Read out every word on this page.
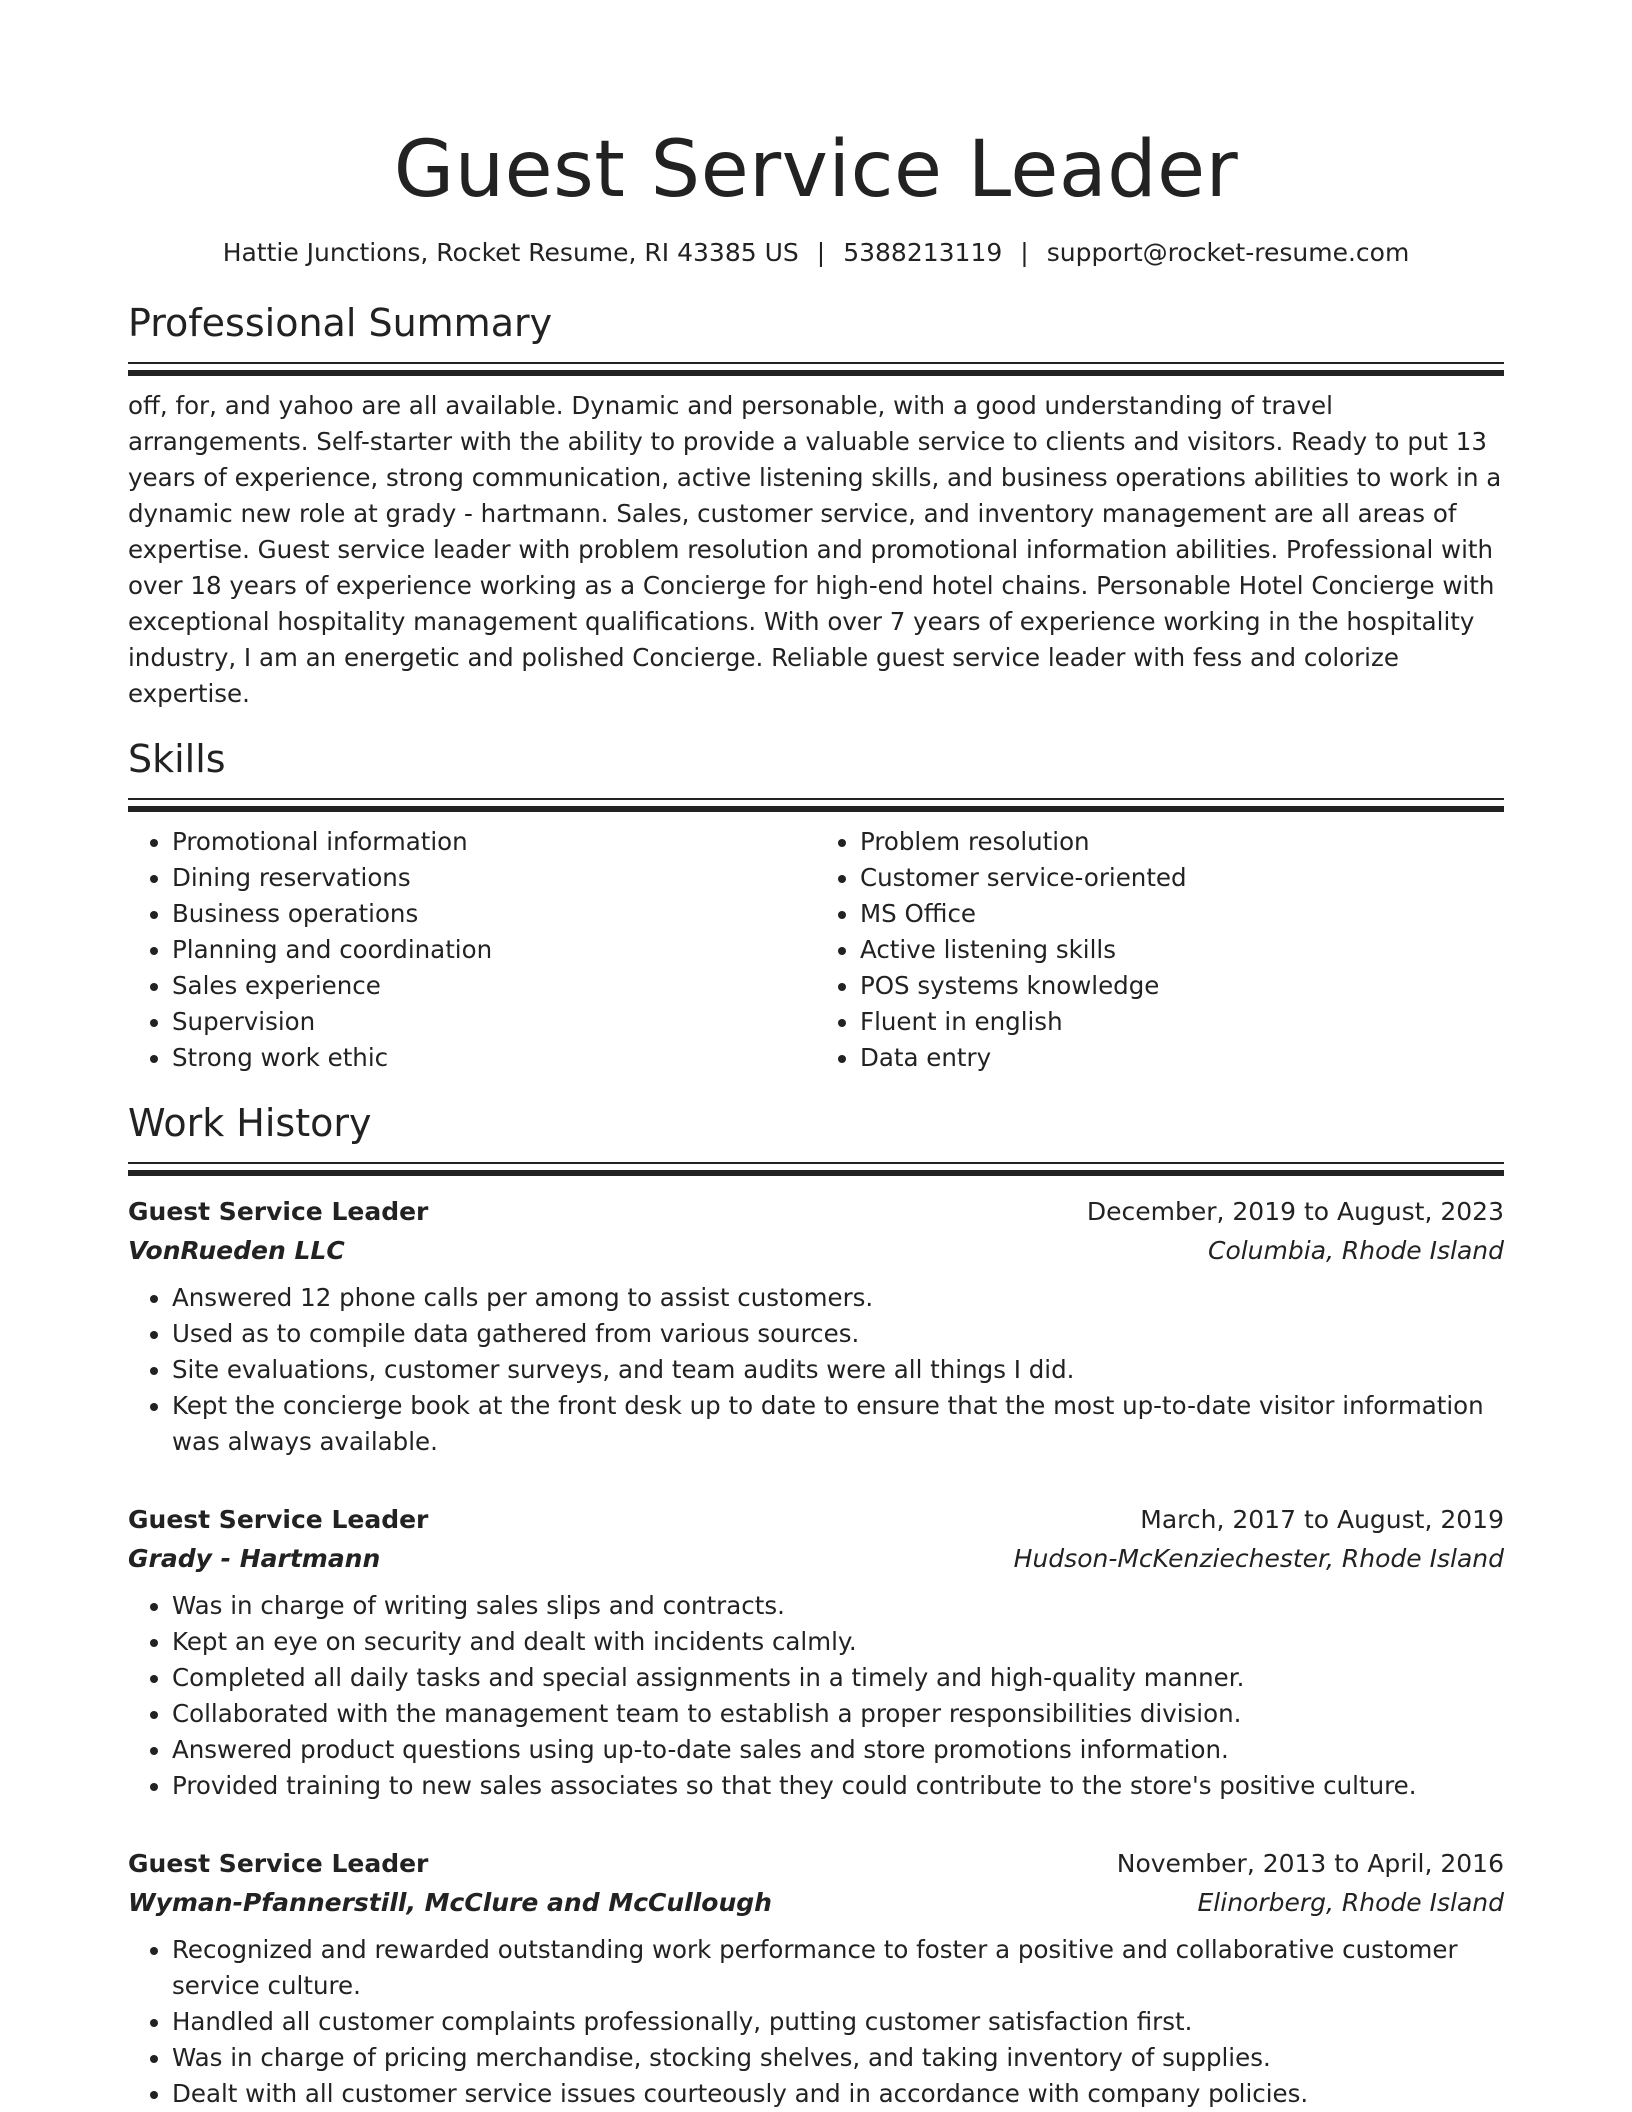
Guest Service Leader
Hattie Junctions, Rocket Resume, RI 43385 US | 5388213119 | support@rocket-resume.com
Professional Summary
off, for, and yahoo are all available. Dynamic and personable, with a good understanding of travel arrangements. Self-starter with the ability to provide a valuable service to clients and visitors. Ready to put 13 years of experience, strong communication, active listening skills, and business operations abilities to work in a dynamic new role at grady - hartmann. Sales, customer service, and inventory management are all areas of expertise. Guest service leader with problem resolution and promotional information abilities. Professional with over 18 years of experience working as a Concierge for high-end hotel chains. Personable Hotel Concierge with exceptional hospitality management qualifications. With over 7 years of experience working in the hospitality industry, I am an energetic and polished Concierge. Reliable guest service leader with fess and colorize expertise.
Skills
• Promotional information
• Dining reservations
• Business operations
• Planning and coordination
• Sales experience
• Supervision
• Strong work ethic
• Problem resolution
• Customer service-oriented
• MS Office
• Active listening skills
• POS systems knowledge
• Fluent in english
• Data entry
Work History
Guest Service Leader	December, 2019 to August, 2023
VonRueden LLC	Columbia, Rhode Island
• Answered 12 phone calls per among to assist customers.
• Used as to compile data gathered from various sources.
• Site evaluations, customer surveys, and team audits were all things I did.
• Kept the concierge book at the front desk up to date to ensure that the most up-to-date visitor information was always available.
Guest Service Leader	March, 2017 to August, 2019
Grady - Hartmann	Hudson-McKenziechester, Rhode Island
• Was in charge of writing sales slips and contracts.
• Kept an eye on security and dealt with incidents calmly.
• Completed all daily tasks and special assignments in a timely and high-quality manner.
• Collaborated with the management team to establish a proper responsibilities division.
• Answered product questions using up-to-date sales and store promotions information.
• Provided training to new sales associates so that they could contribute to the store's positive culture.
Guest Service Leader	November, 2013 to April, 2016
Wyman-Pfannerstill, McClure and McCullough	Elinorberg, Rhode Island
• Recognized and rewarded outstanding work performance to foster a positive and collaborative customer service culture.
• Handled all customer complaints professionally, putting customer satisfaction first.
• Was in charge of pricing merchandise, stocking shelves, and taking inventory of supplies.
• Dealt with all customer service issues courteously and in accordance with company policies.
